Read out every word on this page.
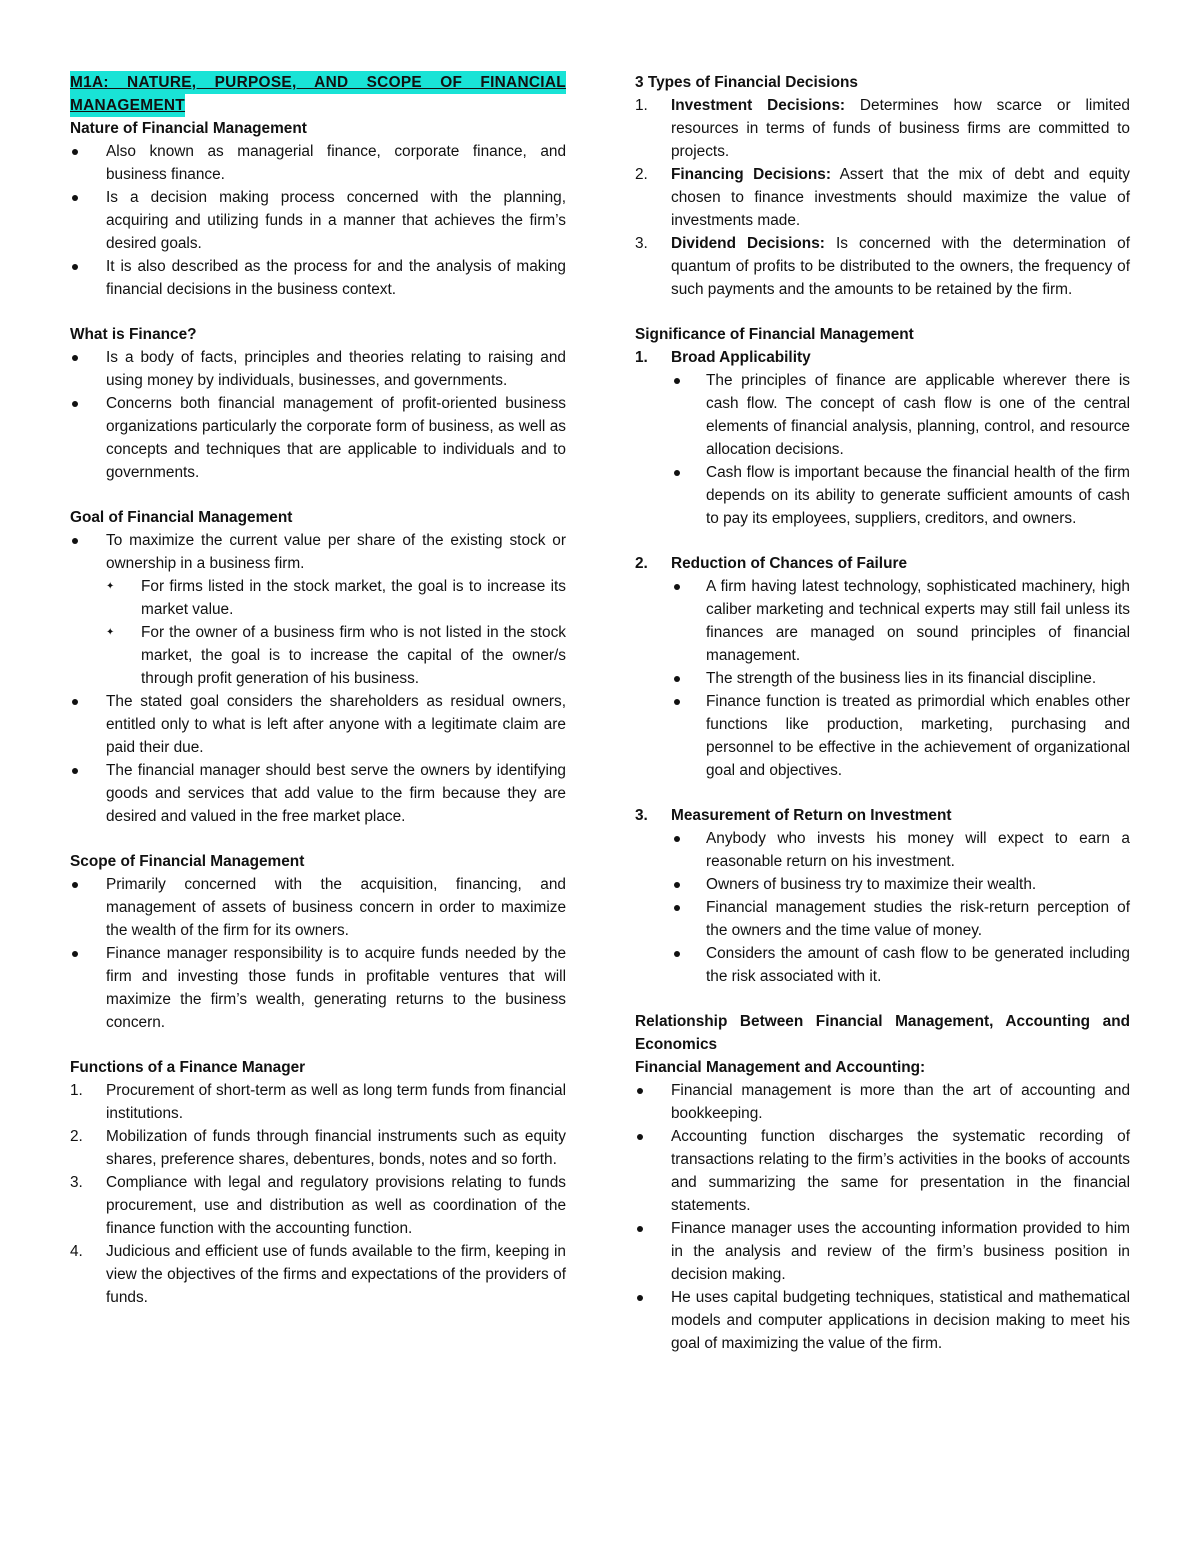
M1A: NATURE, PURPOSE, AND SCOPE OF FINANCIAL
MANAGEMENT
Nature of Financial Management
Also known as managerial finance, corporate finance, and business finance.
Is a decision making process concerned with the planning, acquiring and utilizing funds in a manner that achieves the firm’s desired goals.
It is also described as the process for and the analysis of making financial decisions in the business context.
What is Finance?
Is a body of facts, principles and theories relating to raising and using money by individuals, businesses, and governments.
Concerns both financial management of profit-oriented business organizations particularly the corporate form of business, as well as concepts and techniques that are applicable to individuals and to governments.
Goal of Financial Management
To maximize the current value per share of the existing stock or ownership in a business firm.
For firms listed in the stock market, the goal is to increase its market value.
For the owner of a business firm who is not listed in the stock market, the goal is to increase the capital of the owner/s through profit generation of his business.
The stated goal considers the shareholders as residual owners, entitled only to what is left after anyone with a legitimate claim are paid their due.
The financial manager should best serve the owners by identifying goods and services that add value to the firm because they are desired and valued in the free market place.
Scope of Financial Management
Primarily concerned with the acquisition, financing, and management of assets of business concern in order to maximize the wealth of the firm for its owners.
Finance manager responsibility is to acquire funds needed by the firm and investing those funds in profitable ventures that will maximize the firm’s wealth, generating returns to the business concern.
Functions of a Finance Manager
1.	Procurement of short-term as well as long term funds from financial institutions.
2.	Mobilization of funds through financial instruments such as equity shares, preference shares, debentures, bonds, notes and so forth.
3.	Compliance with legal and regulatory provisions relating to funds procurement, use and distribution as well as coordination of the finance function with the accounting function.
4.	Judicious and efficient use of funds available to the firm, keeping in view the objectives of the firms and expectations of the providers of funds.
3 Types of Financial Decisions
1.	Investment Decisions: Determines how scarce or limited resources in terms of funds of business firms are committed to projects.
2.	Financing Decisions: Assert that the mix of debt and equity chosen to finance investments should maximize the value of investments made.
3.	Dividend Decisions: Is concerned with the determination of quantum of profits to be distributed to the owners, the frequency of such payments and the amounts to be retained by the firm.
Significance of Financial Management
1.	Broad Applicability
The principles of finance are applicable wherever there is cash flow. The concept of cash flow is one of the central elements of financial analysis, planning, control, and resource allocation decisions.
Cash flow is important because the financial health of the firm depends on its ability to generate sufficient amounts of cash to pay its employees, suppliers, creditors, and owners.
2.	Reduction of Chances of Failure
A firm having latest technology, sophisticated machinery, high caliber marketing and technical experts may still fail unless its finances are managed on sound principles of financial management.
The strength of the business lies in its financial discipline.
Finance function is treated as primordial which enables other functions like production, marketing, purchasing and personnel to be effective in the achievement of organizational goal and objectives.
3.	Measurement of Return on Investment
Anybody who invests his money will expect to earn a reasonable return on his investment.
Owners of business try to maximize their wealth.
Financial management studies the risk-return perception of the owners and the time value of money.
Considers the amount of cash flow to be generated including the risk associated with it.
Relationship Between Financial Management, Accounting and Economics
Financial Management and Accounting:
Financial management is more than the art of accounting and bookkeeping.
Accounting function discharges the systematic recording of transactions relating to the firm’s activities in the books of accounts and summarizing the same for presentation in the financial statements.
Finance manager uses the accounting information provided to him in the analysis and review of the firm’s business position in decision making.
He uses capital budgeting techniques, statistical and mathematical models and computer applications in decision making to meet his goal of maximizing the value of the firm.
